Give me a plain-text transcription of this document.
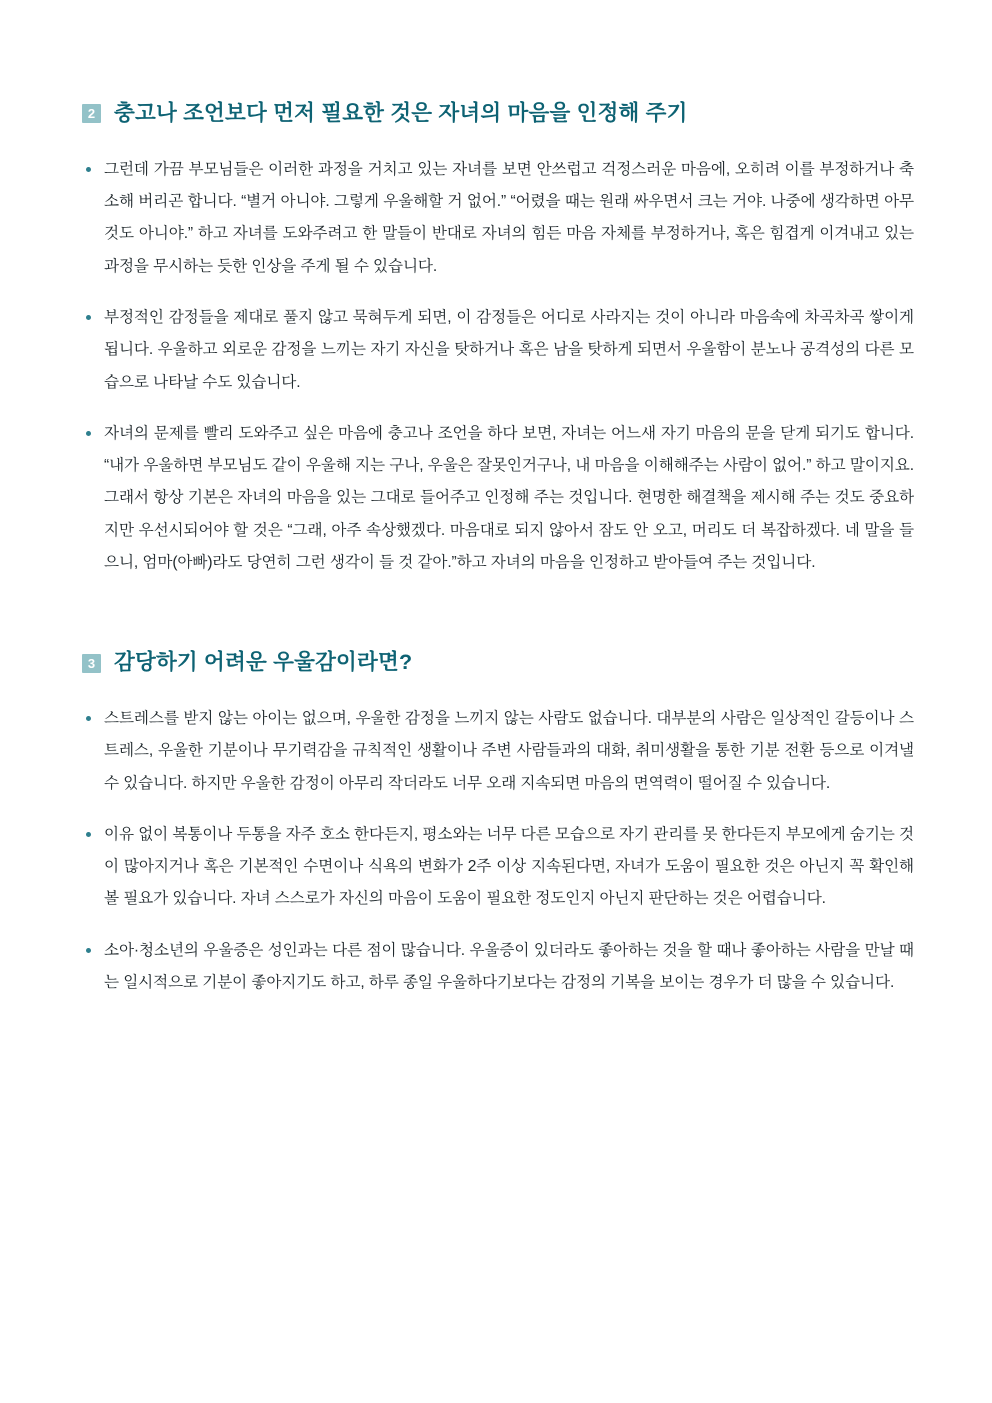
2 충고나 조언보다 먼저 필요한 것은 자녀의 마음을 인정해 주기
그런데 가끔 부모님들은 이러한 과정을 거치고 있는 자녀를 보면 안쓰럽고 걱정스러운 마음에, 오히려 이를 부정하거나 축소해 버리곤 합니다. “별거 아니야. 그렇게 우울해할 거 없어.” “어렸을 때는 원래 싸우면서 크는 거야. 나중에 생각하면 아무것도 아니야.” 하고 자녀를 도와주려고 한 말들이 반대로 자녀의 힘든 마음 자체를 부정하거나, 혹은 힘겹게 이겨내고 있는 과정을 무시하는 듯한 인상을 주게 될 수 있습니다.
부정적인 감정들을 제대로 풀지 않고 묵혀두게 되면, 이 감정들은 어디로 사라지는 것이 아니라 마음속에 차곡차곡 쌓이게 됩니다. 우울하고 외로운 감정을 느끼는 자기 자신을 탓하거나 혹은 남을 탓하게 되면서 우울함이 분노나 공격성의 다른 모습으로 나타날 수도 있습니다.
자녀의 문제를 빨리 도와주고 싶은 마음에 충고나 조언을 하다 보면, 자녀는 어느새 자기 마음의 문을 닫게 되기도 합니다. “내가 우울하면 부모님도 같이 우울해 지는 구나, 우울은 잘못인거구나, 내 마음을 이해해주는 사람이 없어.” 하고 말이지요. 그래서 항상 기본은 자녀의 마음을 있는 그대로 들어주고 인정해 주는 것입니다. 현명한 해결책을 제시해 주는 것도 중요하지만 우선시되어야 할 것은 “그래, 아주 속상했겠다. 마음대로 되지 않아서 잠도 안 오고, 머리도 더 복잡하겠다. 네 말을 들으니, 엄마(아빠)라도 당연히 그런 생각이 들 것 같아.”하고 자녀의 마음을 인정하고 받아들여 주는 것입니다.
3 감당하기 어려운 우울감이라면?
스트레스를 받지 않는 아이는 없으며, 우울한 감정을 느끼지 않는 사람도 없습니다. 대부분의 사람은 일상적인 갈등이나 스트레스, 우울한 기분이나 무기력감을 규칙적인 생활이나 주변 사람들과의 대화, 취미생활을 통한 기분 전환 등으로 이겨낼 수 있습니다. 하지만 우울한 감정이 아무리 작더라도 너무 오래 지속되면 마음의 면역력이 떨어질 수 있습니다.
이유 없이 복통이나 두통을 자주 호소 한다든지, 평소와는 너무 다른 모습으로 자기 관리를 못 한다든지 부모에게 숨기는 것이 많아지거나 혹은 기본적인 수면이나 식욕의 변화가 2주 이상 지속된다면, 자녀가 도움이 필요한 것은 아닌지 꼭 확인해 볼 필요가 있습니다. 자녀 스스로가 자신의 마음이 도움이 필요한 정도인지 아닌지 판단하는 것은 어렵습니다.
소아·청소년의 우울증은 성인과는 다른 점이 많습니다. 우울증이 있더라도 좋아하는 것을 할 때나 좋아하는 사람을 만날 때는 일시적으로 기분이 좋아지기도 하고, 하루 종일 우울하다기보다는 감정의 기복을 보이는 경우가 더 많을 수 있습니다.
